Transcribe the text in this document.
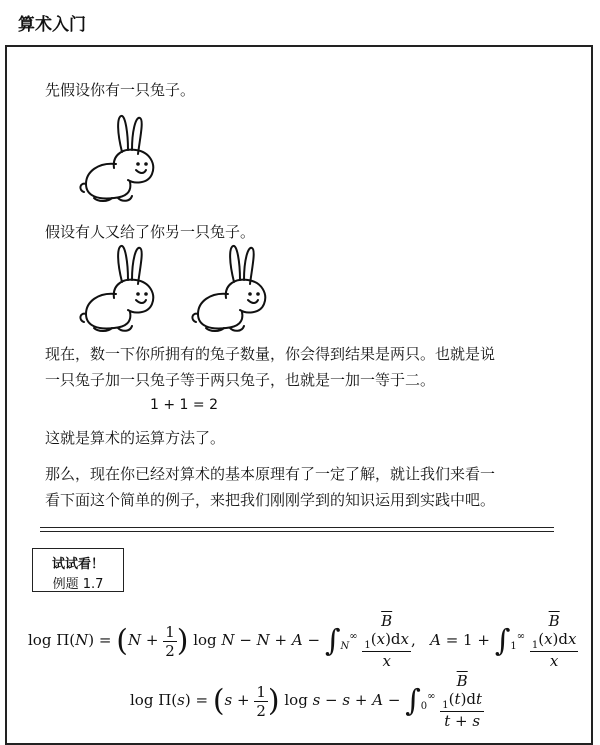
算术入门
先假设你有一只兔子。
假设有人又给了你另一只兔子。
现在，数一下你所拥有的兔子数量，你会得到结果是两只。也就是说
一只兔子加一只兔子等于两只兔子，也就是一加一等于二。
1 + 1 = 2
这就是算术的运算方法了。
那么，现在你已经对算术的基本原理有了一定了解，就让我们来看一
看下面这个简单的例子，来把我们刚刚学到的知识运用到实践中吧。
试试看！
例题 1.7
$\log \Pi(N) = (N + \frac{1}{2}$ ) $\log N - N + A - \int_N^\infty$ $\overline{B}$
$_1$(x)dx
x ,   $A = 1 + \int_1^\infty$ $\overline{B}$
$_1$(x)dx
x
$\log \Pi(s) = (s + \frac{1}{2}$ ) $\log s - s + A - \int_0^\infty$ $\overline{B}$
$_1$(t)dt
t + s
